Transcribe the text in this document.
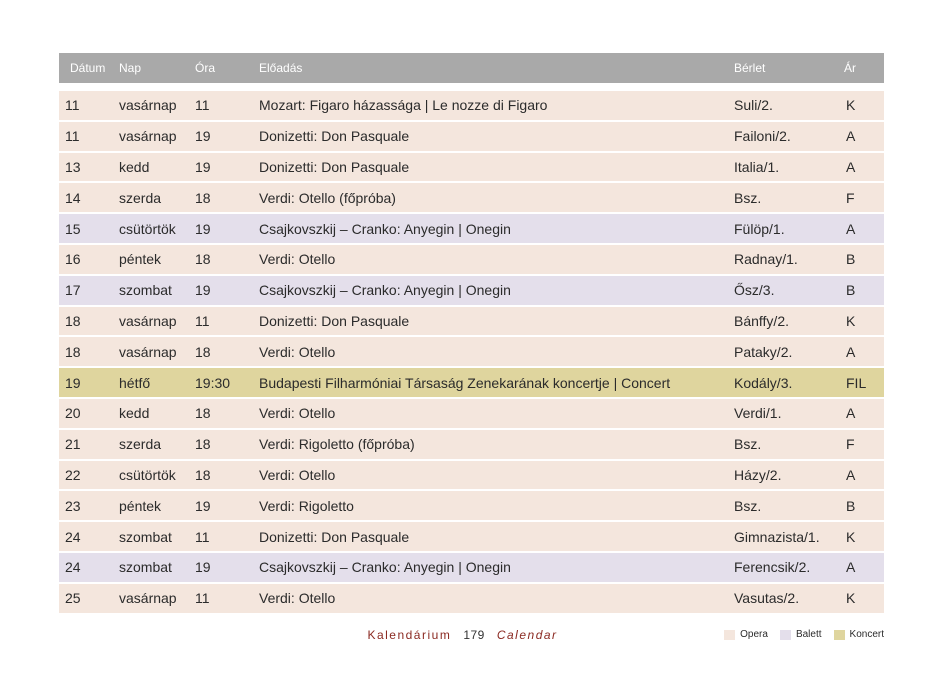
Dátum	Nap	Óra	Előadás	Bérlet	Ár
11	vasárnap	11	Mozart: Figaro házassága | Le nozze di Figaro	Suli/2.	K
11	vasárnap	19	Donizetti: Don Pasquale	Failoni/2.	A
13	kedd	19	Donizetti: Don Pasquale	Italia/1.	A
14	szerda	18	Verdi: Otello (főpróba)	Bsz.	F
15	csütörtök	19	Csajkovszkij – Cranko: Anyegin | Onegin	Fülöp/1.	A
16	péntek	18	Verdi: Otello	Radnay/1.	B
17	szombat	19	Csajkovszkij – Cranko: Anyegin | Onegin	Ősz/3.	B
18	vasárnap	11	Donizetti: Don Pasquale	Bánffy/2.	K
18	vasárnap	18	Verdi: Otello	Pataky/2.	A
19	hétfő	19:30	Budapesti Filharmóniai Társaság Zenekarának koncertje | Concert	Kodály/3.	FIL
20	kedd	18	Verdi: Otello	Verdi/1.	A
21	szerda	18	Verdi: Rigoletto (főpróba)	Bsz.	F
22	csütörtök	18	Verdi: Otello	Házy/2.	A
23	péntek	19	Verdi: Rigoletto	Bsz.	B
24	szombat	11	Donizetti: Don Pasquale	Gimnazista/1.	K
24	szombat	19	Csajkovszkij – Cranko: Anyegin | Onegin	Ferencsik/2.	A
25	vasárnap	11	Verdi: Otello	Vasutas/2.	K
Kalendárium 179 Calendar	Opera	Balett	Koncert
